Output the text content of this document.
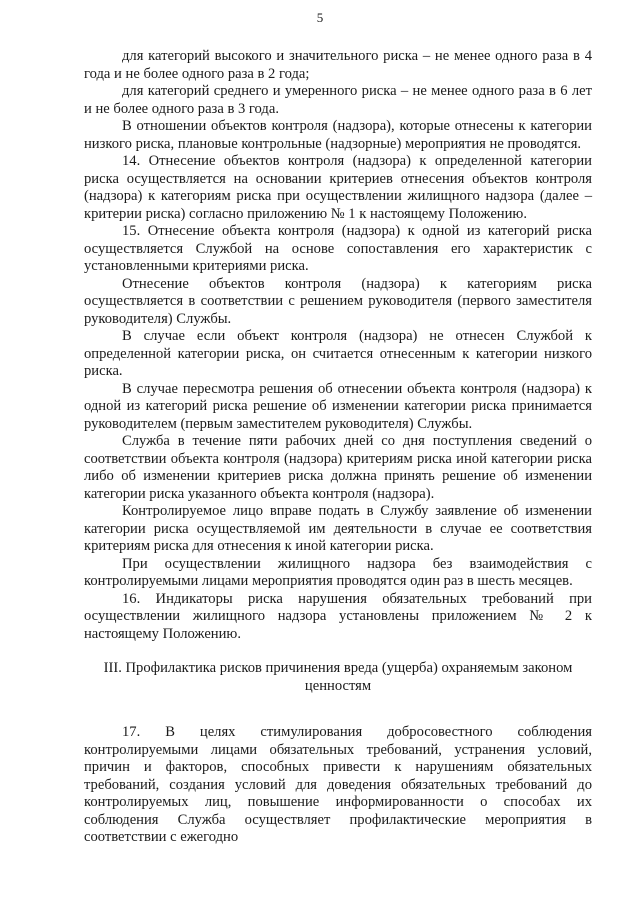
5

для категорий высокого и значительного риска – не менее одного раза в 4 года и не более одного раза в 2 года;

для категорий среднего и умеренного риска – не менее одного раза в 6 лет и не более одного раза в 3 года.

В отношении объектов контроля (надзора), которые отнесены к категории низкого риска, плановые контрольные (надзорные) мероприятия не проводятся.

14. Отнесение объектов контроля (надзора) к определенной категории риска осуществляется на основании критериев отнесения объектов контроля (надзора) к категориям риска при осуществлении жилищного надзора (далее – критерии риска) согласно приложению № 1 к настоящему Положению.

15. Отнесение объекта контроля (надзора) к одной из категорий риска осуществляется Службой на основе сопоставления его характеристик с установленными критериями риска.

Отнесение объектов контроля (надзора) к категориям риска осуществляется в соответствии с решением руководителя (первого заместителя руководителя) Службы.

В случае если объект контроля (надзора) не отнесен Службой к определенной категории риска, он считается отнесенным к категории низкого риска.

В случае пересмотра решения об отнесении объекта контроля (надзора) к одной из категорий риска решение об изменении категории риска принимается руководителем (первым заместителем руководителя) Службы.

Служба в течение пяти рабочих дней со дня поступления сведений о соответствии объекта контроля (надзора) критериям риска иной категории риска либо об изменении критериев риска должна принять решение об изменении категории риска указанного объекта контроля (надзора).

Контролируемое лицо вправе подать в Службу заявление об изменении категории риска осуществляемой им деятельности в случае ее соответствия критериям риска для отнесения к иной категории риска.

При осуществлении жилищного надзора без взаимодействия с контролируемыми лицами мероприятия проводятся один раз в шесть месяцев.

16. Индикаторы риска нарушения обязательных требований при осуществлении жилищного надзора установлены приложением № 2 к настоящему Положению.

III. Профилактика рисков причинения вреда (ущерба) охраняемым законом ценностям

17. В целях стимулирования добросовестного соблюдения контролируемыми лицами обязательных требований, устранения условий, причин и факторов, способных привести к нарушениям обязательных требований, создания условий для доведения обязательных требований до контролируемых лиц, повышение информированности о способах их соблюдения Служба осуществляет профилактические мероприятия в соответствии с ежегодно
